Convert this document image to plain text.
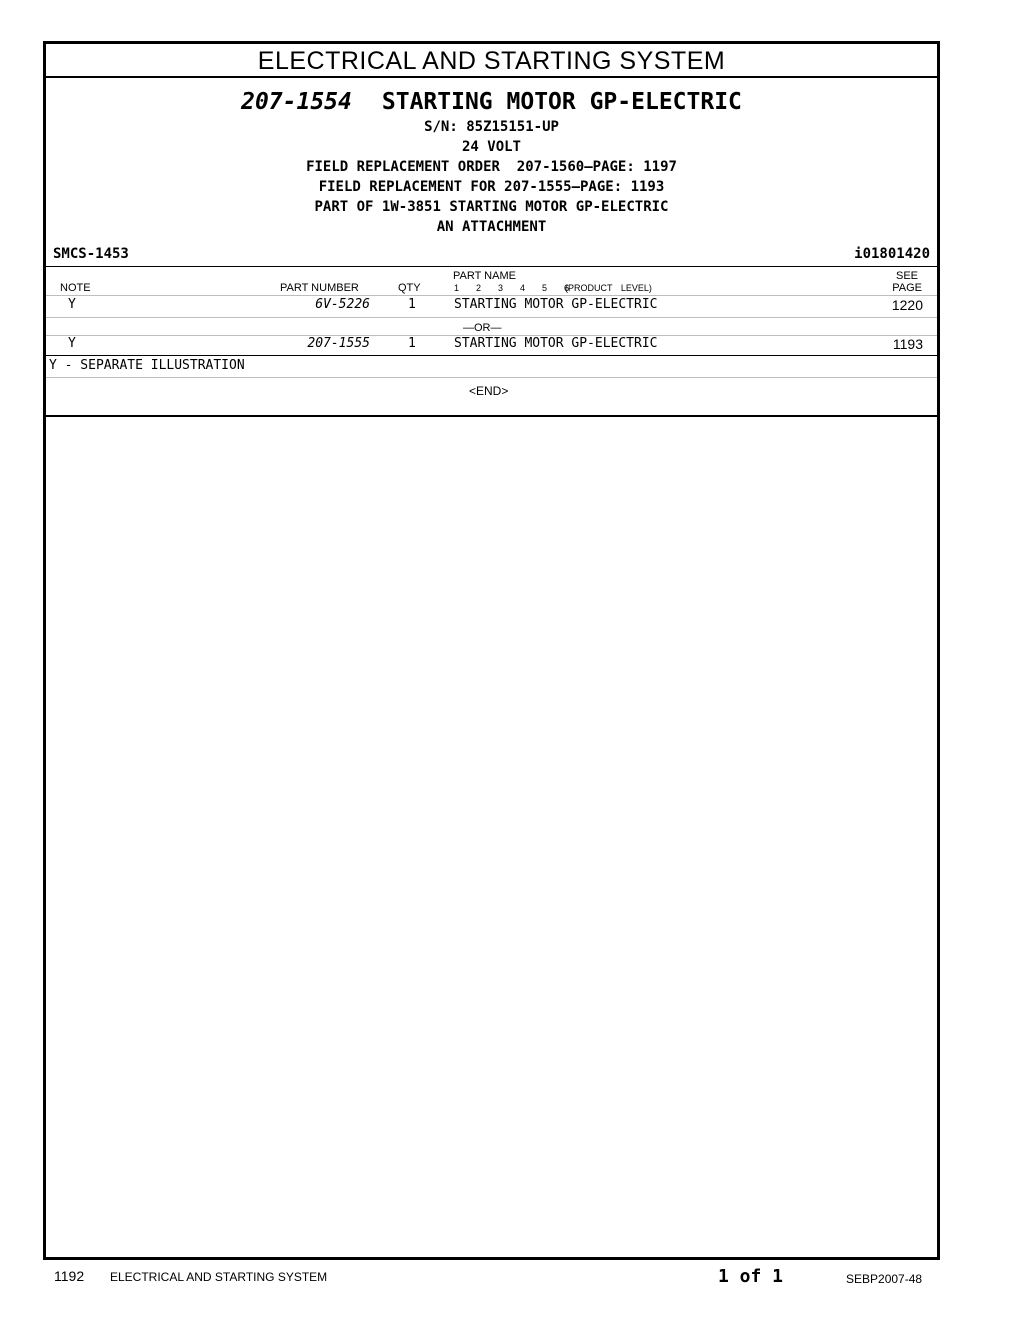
ELECTRICAL AND STARTING SYSTEM
207-1554 STARTING MOTOR GP-ELECTRIC
S/N: 85Z15151-UP
24 VOLT
FIELD REPLACEMENT ORDER  207-1560—PAGE: 1197
FIELD REPLACEMENT FOR 207-1555—PAGE: 1193
PART OF 1W-3851 STARTING MOTOR GP-ELECTRIC
AN ATTACHMENT
SMCS-1453	i01801420
NOTE	PART NUMBER	QTY
PART NAME
1  2  3  4  5  6
(PRODUCT LEVEL)
SEE
PAGE
Y	6V-5226	1	STARTING MOTOR GP-ELECTRIC	1220
—OR—
Y	207-1555	1	STARTING MOTOR GP-ELECTRIC	1193
Y - SEPARATE ILLUSTRATION
<END>
1192 ELECTRICAL AND STARTING SYSTEM	1 of 1	SEBP2007-48
